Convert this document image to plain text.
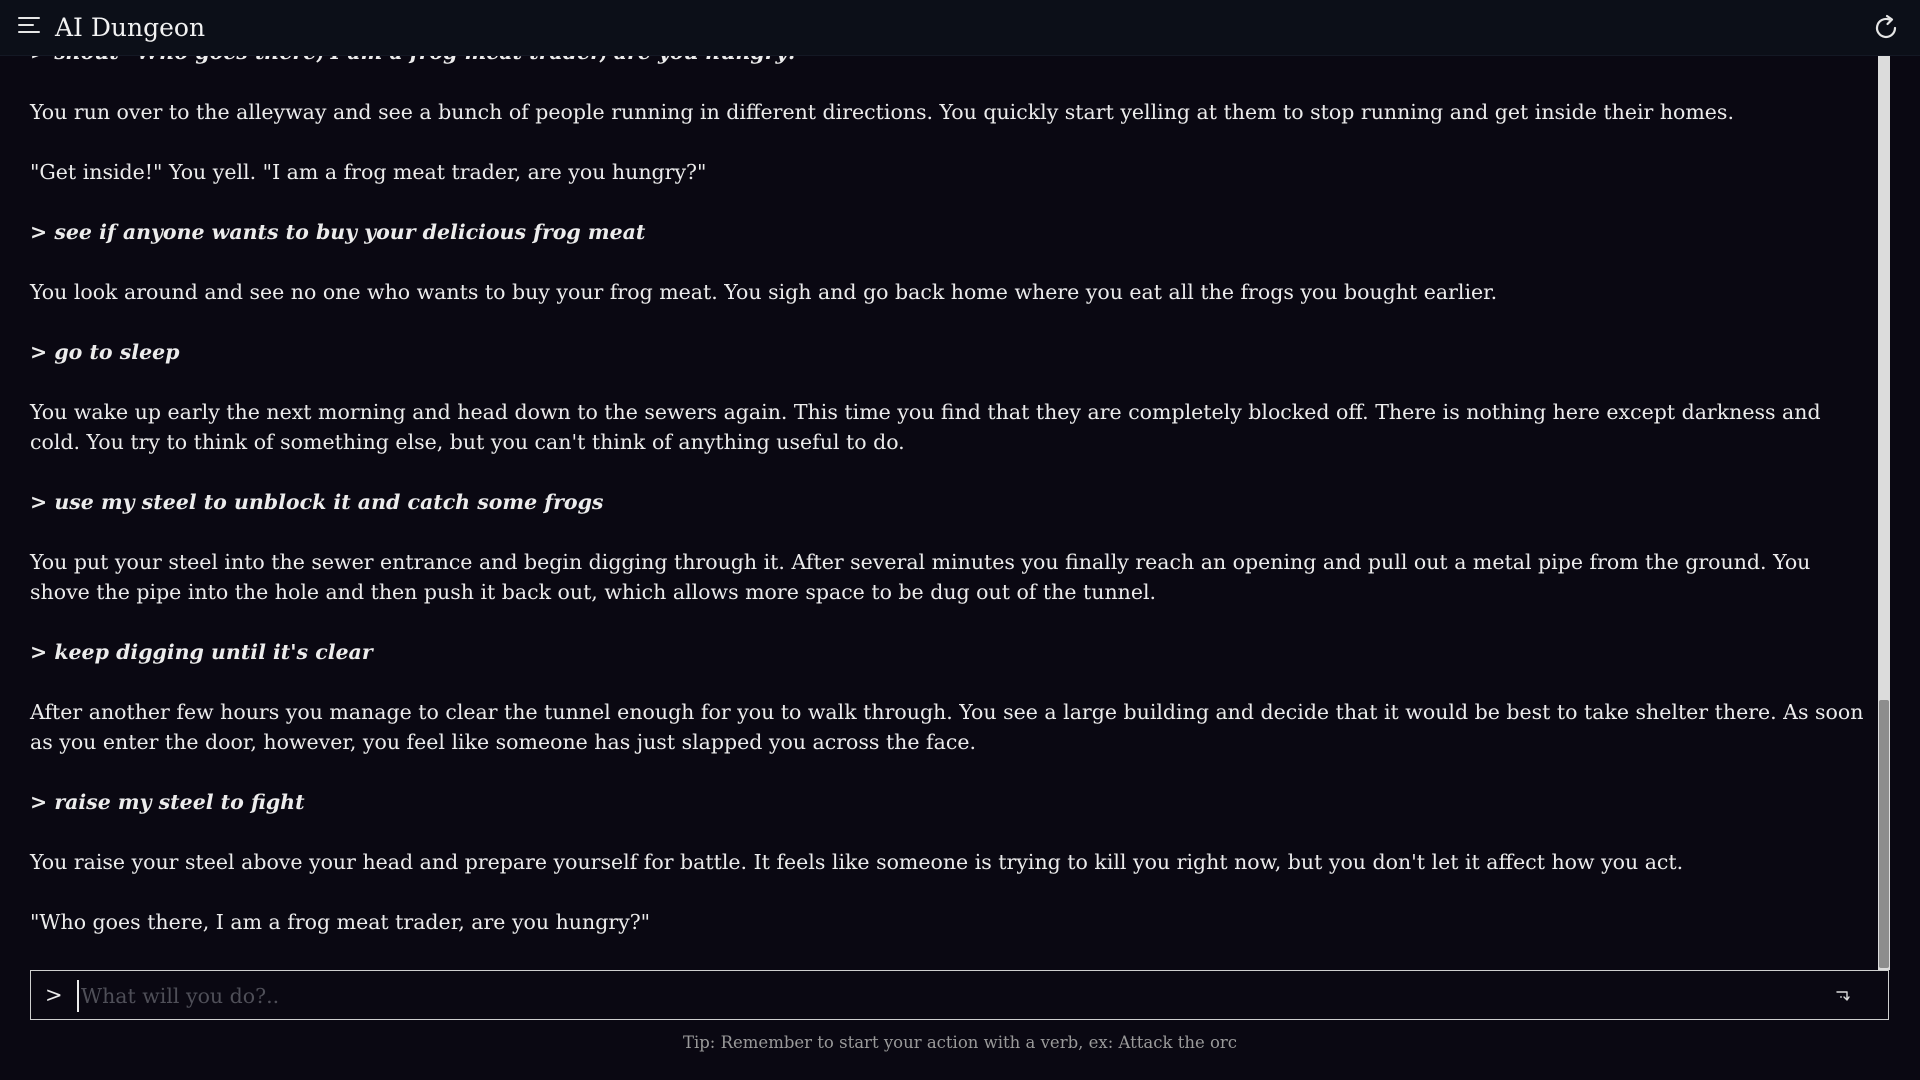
AI Dungeon

You run over to the alleyway and see a bunch of people running in different directions. You quickly start yelling at them to stop running and get inside their homes.

"Get inside!" You yell. "I am a frog meat trader, are you hungry?"

> see if anyone wants to buy your delicious frog meat

You look around and see no one who wants to buy your frog meat. You sigh and go back home where you eat all the frogs you bought earlier.

> go to sleep

You wake up early the next morning and head down to the sewers again. This time you find that they are completely blocked off. There is nothing here except darkness and cold. You try to think of something else, but you can't think of anything useful to do.

> use my steel to unblock it and catch some frogs

You put your steel into the sewer entrance and begin digging through it. After several minutes you finally reach an opening and pull out a metal pipe from the ground. You shove the pipe into the hole and then push it back out, which allows more space to be dug out of the tunnel.

> keep digging until it's clear

After another few hours you manage to clear the tunnel enough for you to walk through. You see a large building and decide that it would be best to take shelter there. As soon as you enter the door, however, you feel like someone has just slapped you across the face.

> raise my steel to fight

You raise your steel above your head and prepare yourself for battle. It feels like someone is trying to kill you right now, but you don't let it affect how you act.

"Who goes there, I am a frog meat trader, are you hungry?"

>
What will you do?..
Tip: Remember to start your action with a verb, ex: Attack the orc
